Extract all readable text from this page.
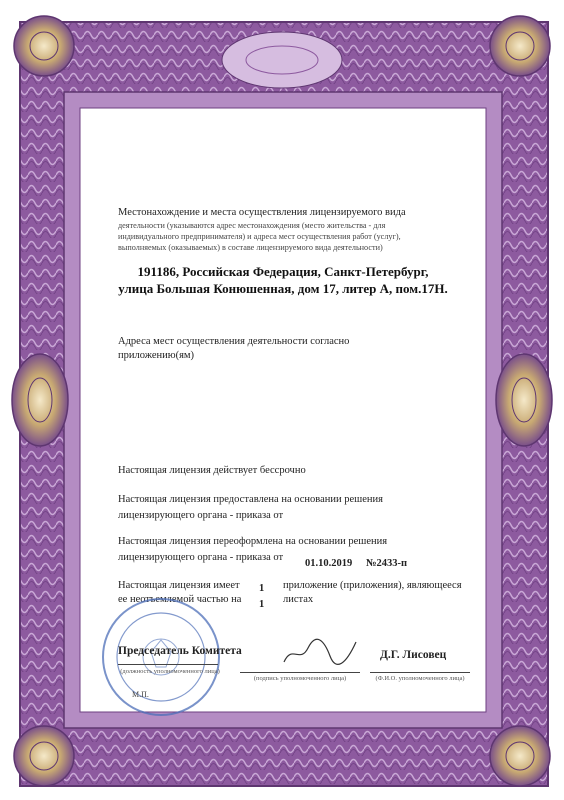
Местонахождение и места осуществления лицензируемого вида
деятельности (указываются адрес местонахождения (место жительства - для
индивидуального предпринимателя) и адреса мест осуществления работ (услуг),
выполняемых (оказываемых) в составе лицензируемого вида деятельности)
191186, Российская Федерация, Санкт-Петербург,
улица Большая Конюшенная, дом 17, литер А, пом.17Н.
Адреса мест осуществления деятельности согласно
приложению(ям)
Настоящая лицензия действует бессрочно
Настоящая лицензия предоставлена на основании решения
лицензирующего органа - приказа от
Настоящая лицензия переоформлена на основании решения
лицензирующего органа - приказа от
01.10.2019 №2433-п
Настоящая лицензия имеет 1 приложение (приложения), являющееся
ее неотъемлемой частью на 1 листах
Председатель Комитета
(должность уполномоченного лица)
(подпись уполномоченного лица)
Д.Г. Лисовец
(Ф.И.О. уполномоченного лица)
М.П.
